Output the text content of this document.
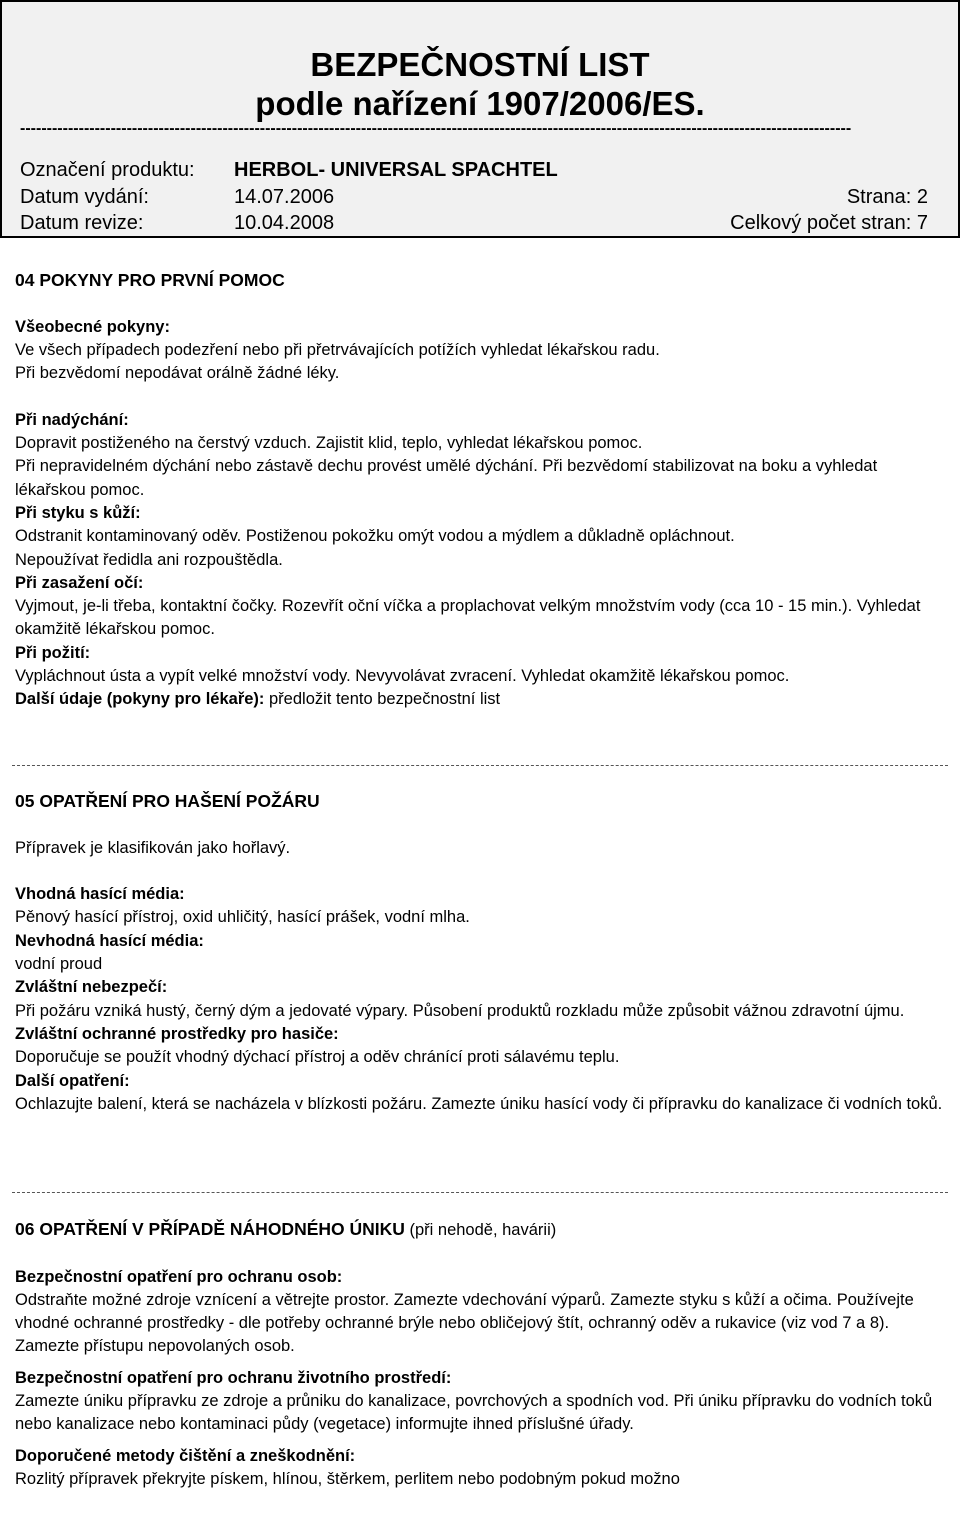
BEZPEČNOSTNÍ LIST
podle nařízení 1907/2006/ES.
------------------------------------------------------------------------------------------------------------------------------------------------------------
Označení produktu: HERBOL- UNIVERSAL SPACHTEL
Datum vydání:	14.07.2006	Strana: 2
Datum revize:	10.04.2008	Celkový počet stran: 7

04 POKYNY PRO PRVNÍ POMOC

Všeobecné pokyny:

Ve všech případech podezření nebo při přetrvávajících potížích vyhledat lékařskou radu.

Při bezvědomí nepodávat orálně žádné léky.

Při nadýchání:

Dopravit postiženého na čerstvý vzduch. Zajistit klid, teplo, vyhledat lékařskou pomoc.

Při nepravidelném dýchání nebo zástavě dechu provést umělé dýchání. Při bezvědomí stabilizovat na boku a vyhledat lékařskou pomoc.

Při styku s kůží:

Odstranit kontaminovaný oděv. Postiženou pokožku omýt vodou a mýdlem a důkladně opláchnout.

Nepoužívat ředidla ani rozpouštědla.

Při zasažení očí:

Vyjmout, je-li třeba, kontaktní čočky. Rozevřít oční víčka a proplachovat velkým množstvím vody (cca 10 - 15 min.). Vyhledat okamžitě lékařskou pomoc.

Při požití:

Vypláchnout ústa a vypít velké množství vody. Nevyvolávat zvracení. Vyhledat okamžitě lékařskou pomoc.

Další údaje (pokyny pro lékaře): předložit tento bezpečnostní list

05 OPATŘENÍ PRO HAŠENÍ POŽÁRU

Přípravek je klasifikován jako hořlavý.

Vhodná hasící média:

Pěnový hasící přístroj, oxid uhličitý, hasící prášek, vodní mlha.

Nevhodná hasící média:

vodní proud

Zvláštní nebezpečí:

Při požáru vzniká hustý, černý dým a jedovaté výpary. Působení produktů rozkladu může způsobit vážnou zdravotní újmu.

Zvláštní ochranné prostředky pro hasiče:

Doporučuje se použít vhodný dýchací přístroj a oděv chránící proti sálavému teplu.

Další opatření:

Ochlazujte balení, která se nacházela v blízkosti požáru. Zamezte úniku hasící vody či přípravku do kanalizace či vodních toků.

06 OPATŘENÍ V PŘÍPADĚ NÁHODNÉHO ÚNIKU (při nehodě, havárii)

Bezpečnostní opatření pro ochranu osob:

Odstraňte možné zdroje vznícení a větrejte prostor. Zamezte vdechování výparů. Zamezte styku s kůží a očima. Používejte vhodné ochranné prostředky - dle potřeby ochranné brýle nebo obličejový štít, ochranný oděv a rukavice (viz vod 7 a 8). Zamezte přístupu nepovolaných osob.

Bezpečnostní opatření pro ochranu životního prostředí:

Zamezte úniku přípravku ze zdroje a průniku do kanalizace, povrchových a spodních vod. Při úniku přípravku do vodních toků nebo kanalizace nebo kontaminaci půdy (vegetace) informujte ihned příslušné úřady.

Doporučené metody čištění a zneškodnění:

Rozlitý přípravek překryjte pískem, hlínou, štěrkem, perlitem nebo podobným pokud možno
